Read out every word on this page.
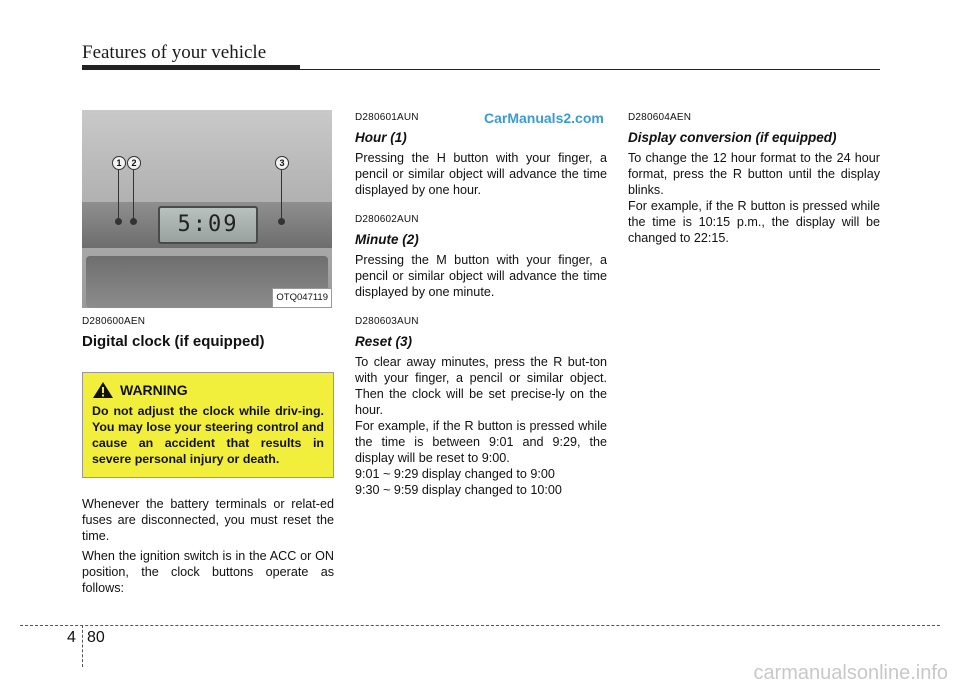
Features of your vehicle
CarManuals2.com
5:09
1	2	3
OTQ047119
D280600AEN
Digital clock (if equipped)
WARNING
Do not adjust the clock while driv-ing. You may lose your steering control and cause an accident that results in severe personal injury or death.

Whenever the battery terminals or relat-ed fuses are disconnected, you must reset the time.

When the ignition switch is in the ACC or ON position, the clock buttons operate as follows:

D280601AUN
Hour (1)

Pressing the H button with your finger, a pencil or similar object will advance the time displayed by one hour.

D280602AUN
Minute (2)

Pressing the M button with your finger, a pencil or similar object will advance the time displayed by one minute.

D280603AUN
Reset (3)

To clear away minutes, press the R but-ton with your finger, a pencil or similar object. Then the clock will be set precise-ly on the hour.

For example, if the R button is pressed while the time is between 9:01 and 9:29, the display will be reset to 9:00.

9:01 ~ 9:29 display changed to 9:00

9:30 ~ 9:59 display changed to 10:00

D280604AEN
Display conversion (if equipped)

To change the 12 hour format to the 24 hour format, press the R button until the display blinks.

For example, if the R button is pressed while the time is 10:15 p.m., the display will be changed to 22:15.

4 80
carmanualsonline.info
